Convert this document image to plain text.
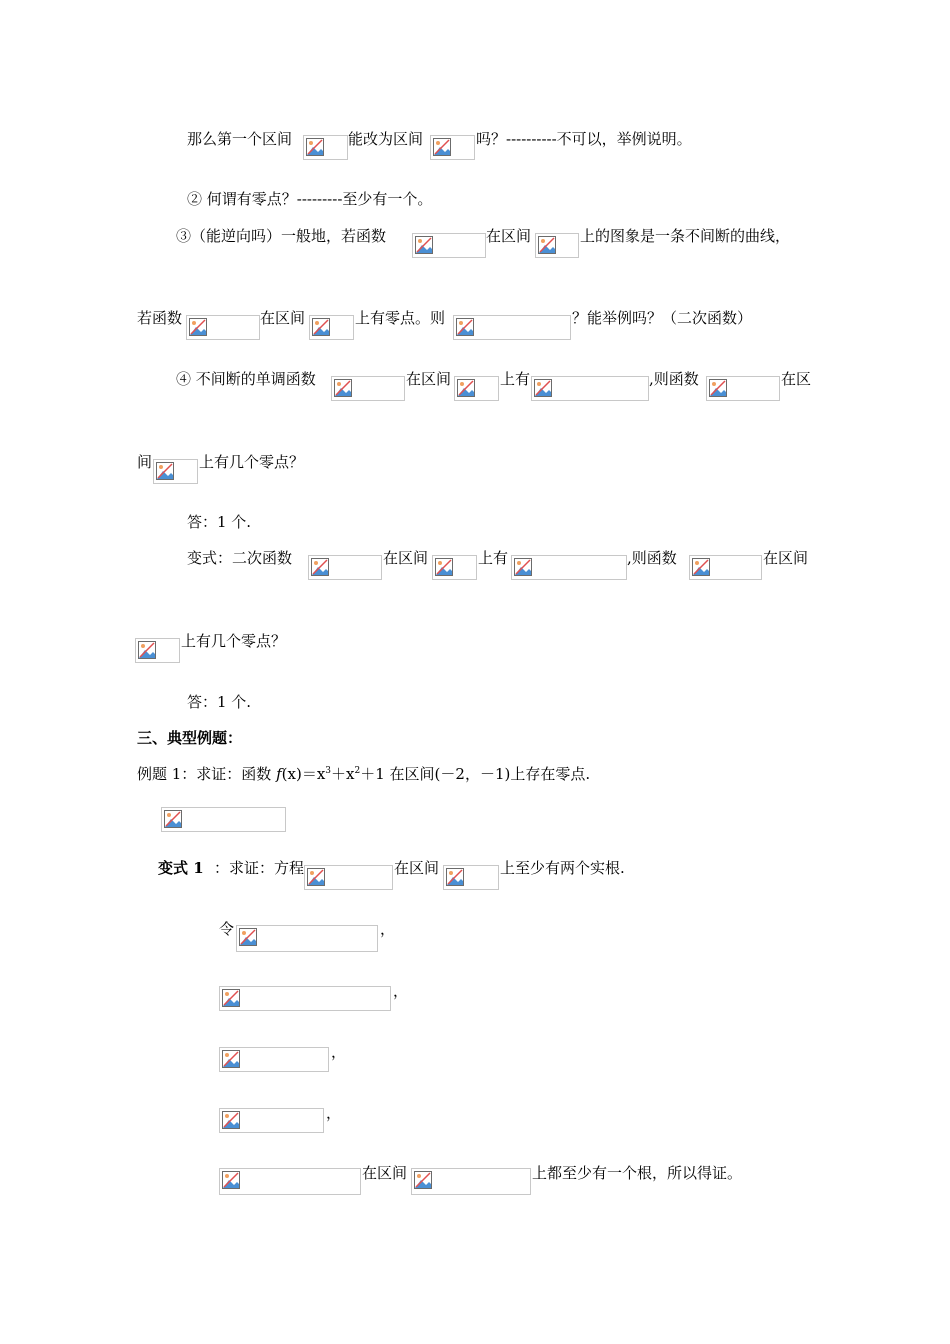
那么第一个区间	能改为区间	吗？----------不可以，举例说明。
② 何谓有零点？---------至少有一个。
③（能逆向吗）一般地，若函数	在区间	上的图象是一条不间断的曲线，
若函数	在区间	上有零点。则	？能举例吗？（二次函数）
④ 不间断的单调函数	在区间	上有	,则函数	在区
间	上有几个零点？
答：1 个.
变式：二次函数	在区间	上有	,则函数	在区间
上有几个零点？
答：1 个.
三、典型例题：
例题 1：求证：函数 $f(x)=x^3+x^2+1$ 在区间(－2，－1)上存在零点.
变式 1 ：求证：方程	在区间	上至少有两个实根.
令	，
，
，
，
在区间	上都至少有一个根，所以得证。
